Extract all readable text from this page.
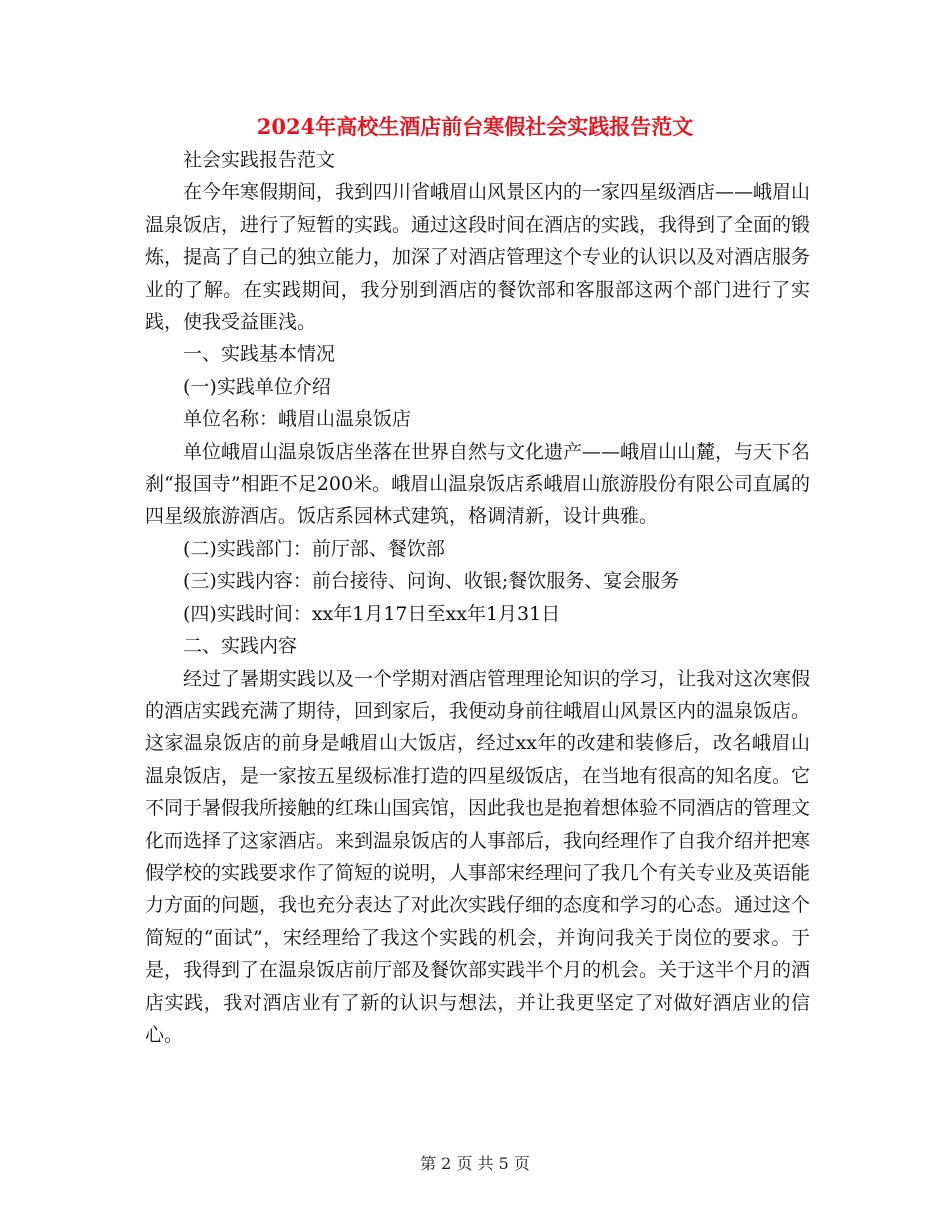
2024年高校生酒店前台寒假社会实践报告范文

社会实践报告范文

在今年寒假期间，我到四川省峨眉山风景区内的一家四星级酒店——峨眉山温泉饭店，进行了短暂的实践。通过这段时间在酒店的实践，我得到了全面的锻炼，提高了自己的独立能力，加深了对酒店管理这个专业的认识以及对酒店服务业的了解。在实践期间，我分别到酒店的餐饮部和客服部这两个部门进行了实践，使我受益匪浅。

一、实践基本情况

(一)实践单位介绍

单位名称：峨眉山温泉饭店

单位峨眉山温泉饭店坐落在世界自然与文化遗产——峨眉山山麓，与天下名刹“报国寺”相距不足200米。峨眉山温泉饭店系峨眉山旅游股份有限公司直属的四星级旅游酒店。饭店系园林式建筑，格调清新，设计典雅。

(二)实践部门：前厅部、餐饮部

(三)实践内容：前台接待、问询、收银;餐饮服务、宴会服务

(四)实践时间：xx年1月17日至xx年1月31日

二、实践内容

经过了暑期实践以及一个学期对酒店管理理论知识的学习，让我对这次寒假的酒店实践充满了期待，回到家后，我便动身前往峨眉山风景区内的温泉饭店。这家温泉饭店的前身是峨眉山大饭店，经过xx年的改建和装修后，改名峨眉山温泉饭店，是一家按五星级标准打造的四星级饭店，在当地有很高的知名度。它不同于暑假我所接触的红珠山国宾馆，因此我也是抱着想体验不同酒店的管理文化而选择了这家酒店。来到温泉饭店的人事部后，我向经理作了自我介绍并把寒假学校的实践要求作了简短的说明，人事部宋经理问了我几个有关专业及英语能力方面的问题，我也充分表达了对此次实践仔细的态度和学习的心态。通过这个简短的“面试”，宋经理给了我这个实践的机会，并询问我关于岗位的要求。于是，我得到了在温泉饭店前厅部及餐饮部实践半个月的机会。关于这半个月的酒店实践，我对酒店业有了新的认识与想法，并让我更坚定了对做好酒店业的信心。

第 2 页 共 5 页
